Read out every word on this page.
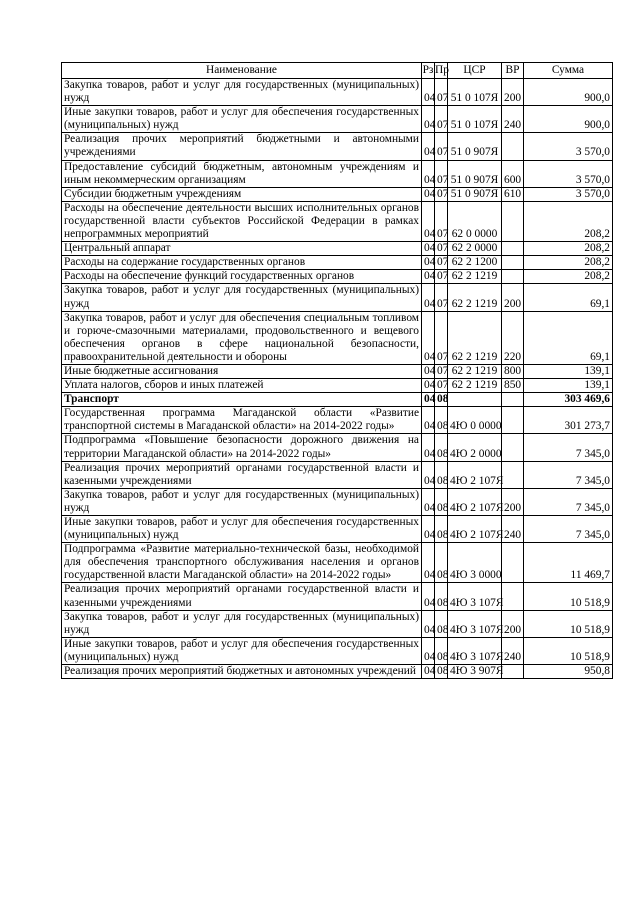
Наименование	Рз	Пр	ЦСР	ВР	Сумма
Закупка товаров, работ и услуг для государственных (муниципальных) нужд	04	07	51 0 107Я	200	900,0
Иные закупки товаров, работ и услуг для обеспечения государственных (муниципальных) нужд	04	07	51 0 107Я	240	900,0
Реализация прочих мероприятий бюджетными и автономными учреждениями	04	07	51 0 907Я		3 570,0
Предоставление субсидий бюджетным, автономным учреждениям и иным некоммерческим организациям	04	07	51 0 907Я	600	3 570,0
Субсидии бюджетным учреждениям	04	07	51 0 907Я	610	3 570,0
Расходы на обеспечение деятельности высших исполнительных органов государственной власти субъектов Российской Федерации в рамках непрограммных мероприятий	04	07	62 0 0000		208,2
Центральный аппарат	04	07	62 2 0000		208,2
Расходы на содержание государственных органов	04	07	62 2 1200		208,2
Расходы на обеспечение функций государственных органов	04	07	62 2 1219		208,2
Закупка товаров, работ и услуг для государственных (муниципальных) нужд	04	07	62 2 1219	200	69,1
Закупка товаров, работ и услуг для обеспечения специальным топливом и горюче-смазочными материалами, продовольственного и вещевого обеспечения органов в сфере национальной безопасности, правоохранительной деятельности и обороны	04	07	62 2 1219	220	69,1
Иные бюджетные ассигнования	04	07	62 2 1219	800	139,1
Уплата налогов, сборов и иных платежей	04	07	62 2 1219	850	139,1
Транспорт	04	08			303 469,6
Государственная программа Магаданской области «Развитие транспортной системы в Магаданской области» на 2014-2022 годы»	04	08	4Ю 0 0000		301 273,7
Подпрограмма «Повышение безопасности дорожного движения на территории Магаданской области» на 2014-2022 годы»	04	08	4Ю 2 0000		7 345,0
Реализация прочих мероприятий органами государственной власти и казенными учреждениями	04	08	4Ю 2 107Я		7 345,0
Закупка товаров, работ и услуг для государственных (муниципальных) нужд	04	08	4Ю 2 107Я	200	7 345,0
Иные закупки товаров, работ и услуг для обеспечения государственных (муниципальных) нужд	04	08	4Ю 2 107Я	240	7 345,0
Подпрограмма «Развитие материально-технической базы, необходимой для обеспечения транспортного обслуживания населения и органов государственной власти Магаданской области» на 2014-2022 годы»	04	08	4Ю 3 0000		11 469,7
Реализация прочих мероприятий органами государственной власти и казенными учреждениями	04	08	4Ю 3 107Я		10 518,9
Закупка товаров, работ и услуг для государственных (муниципальных) нужд	04	08	4Ю 3 107Я	200	10 518,9
Иные закупки товаров, работ и услуг для обеспечения государственных (муниципальных) нужд	04	08	4Ю 3 107Я	240	10 518,9
Реализация прочих мероприятий бюджетных и автономных учреждений	04	08	4Ю 3 907Я		950,8
